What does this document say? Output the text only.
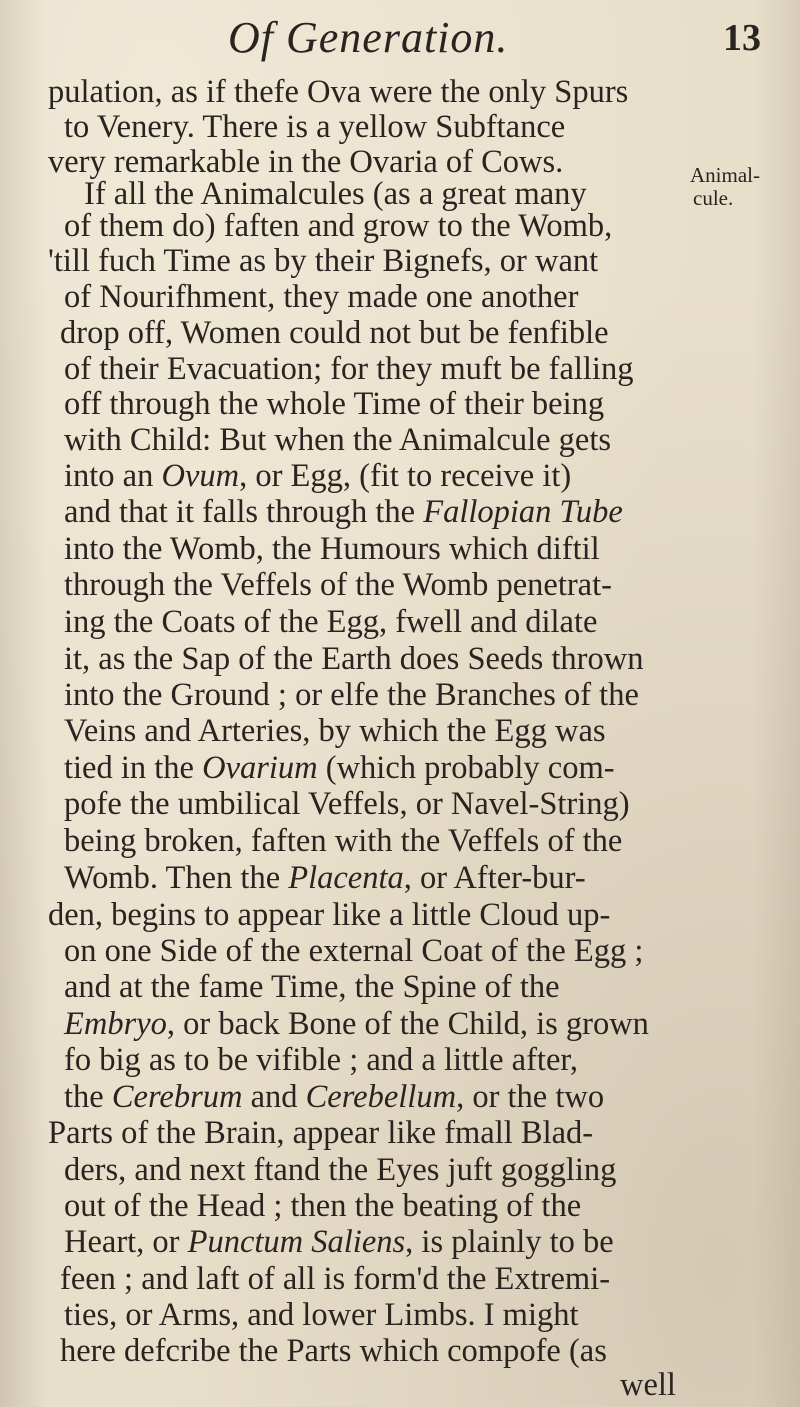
Of Generation.	13
pulation, as if thefe Ova were the only Spurs
to Venery. There is a yellow Subftance
very remarkable in the Ovaria of Cows.
If all the Animalcules (as a great many
of them do) faften and grow to the Womb,
'till fuch Time as by their Bignefs, or want
of Nourifhment, they made one another
drop off, Women could not but be fenfible
of their Evacuation; for they muft be falling
off through the whole Time of their being
with Child: But when the Animalcule gets
into an Ovum, or Egg, (fit to receive it)
and that it falls through the Fallopian Tube
into the Womb, the Humours which diftil
through the Veffels of the Womb penetrat-
ing the Coats of the Egg, fwell and dilate
it, as the Sap of the Earth does Seeds thrown
into the Ground ; or elfe the Branches of the
Veins and Arteries, by which the Egg was
tied in the Ovarium (which probably com-
pofe the umbilical Veffels, or Navel-String)
being broken, faften with the Veffels of the
Womb. Then the Placenta, or After-bur-
den, begins to appear like a little Cloud up-
on one Side of the external Coat of the Egg ;
and at the fame Time, the Spine of the
Embryo, or back Bone of the Child, is grown
fo big as to be vifible ; and a little after,
the Cerebrum and Cerebellum, or the two
Parts of the Brain, appear like fmall Blad-
ders, and next ftand the Eyes juft goggling
out of the Head ; then the beating of the
Heart, or Punctum Saliens, is plainly to be
feen ; and laft of all is form'd the Extremi-
ties, or Arms, and lower Limbs. I might
here defcribe the Parts which compofe (as
well
Animal-
cule.
